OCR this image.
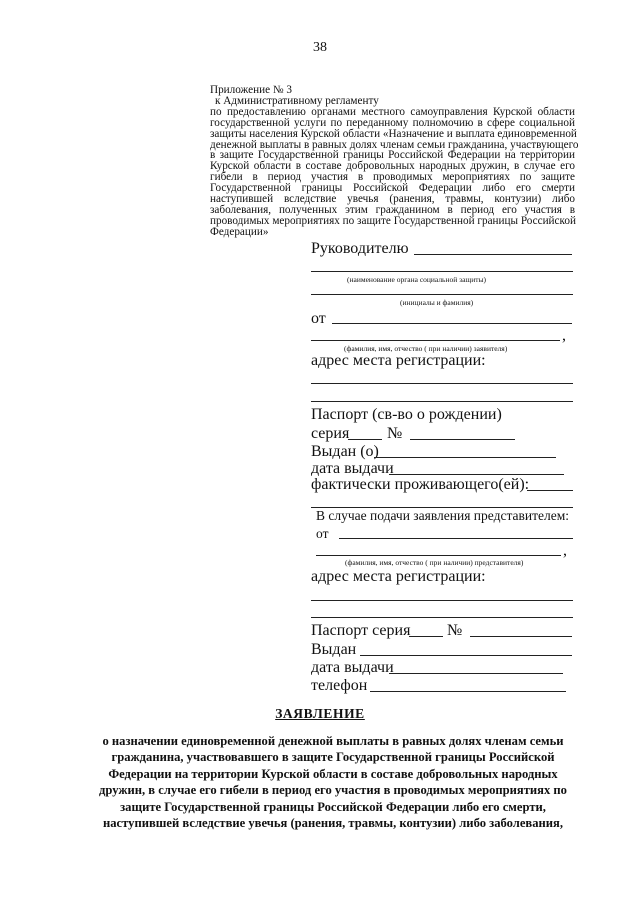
38
Приложение № 3
к Административному регламенту
по предоставлению органами местного самоуправления Курской области
государственной услуги по переданному полномочию в сфере социальной
защиты населения Курской области «Назначение и выплата единовременной
денежной выплаты в равных долях членам семьи гражданина, участвующего
в защите Государственной границы Российской Федерации на территории
Курской области в составе добровольных народных дружин, в случае его
гибели в период участия в проводимых мероприятиях по защите
Государственной границы Российской Федерации либо его смерти
наступившей вследствие увечья (ранения, травмы, контузии) либо
заболевания, полученных этим гражданином в период его участия в
проводимых мероприятиях по защите Государственной границы Российской
Федерации»
Руководителю
(наименование органа социальной защиты)
(инициалы и фамилия)
от
,
(фамилия, имя, отчество ( при наличии) заявителя)
адрес места регистрации:
Паспорт (св-во о рождении)
серия №
Выдан (о)
дата выдачи
фактически проживающего(ей):
В случае подачи заявления представителем:
от
,
(фамилия, имя, отчество ( при наличии) представителя)
адрес места регистрации:
Паспорт серия №
Выдан
дата выдачи
телефон
ЗАЯВЛЕНИЕ
о назначении единовременной денежной выплаты в равных долях членам семьи
гражданина, участвовавшего в защите Государственной границы Российской
Федерации на территории Курской области в составе добровольных народных
дружин, в случае его гибели в период его участия в проводимых мероприятиях по
защите Государственной границы Российской Федерации либо его смерти,
наступившей вследствие увечья (ранения, травмы, контузии) либо заболевания,
